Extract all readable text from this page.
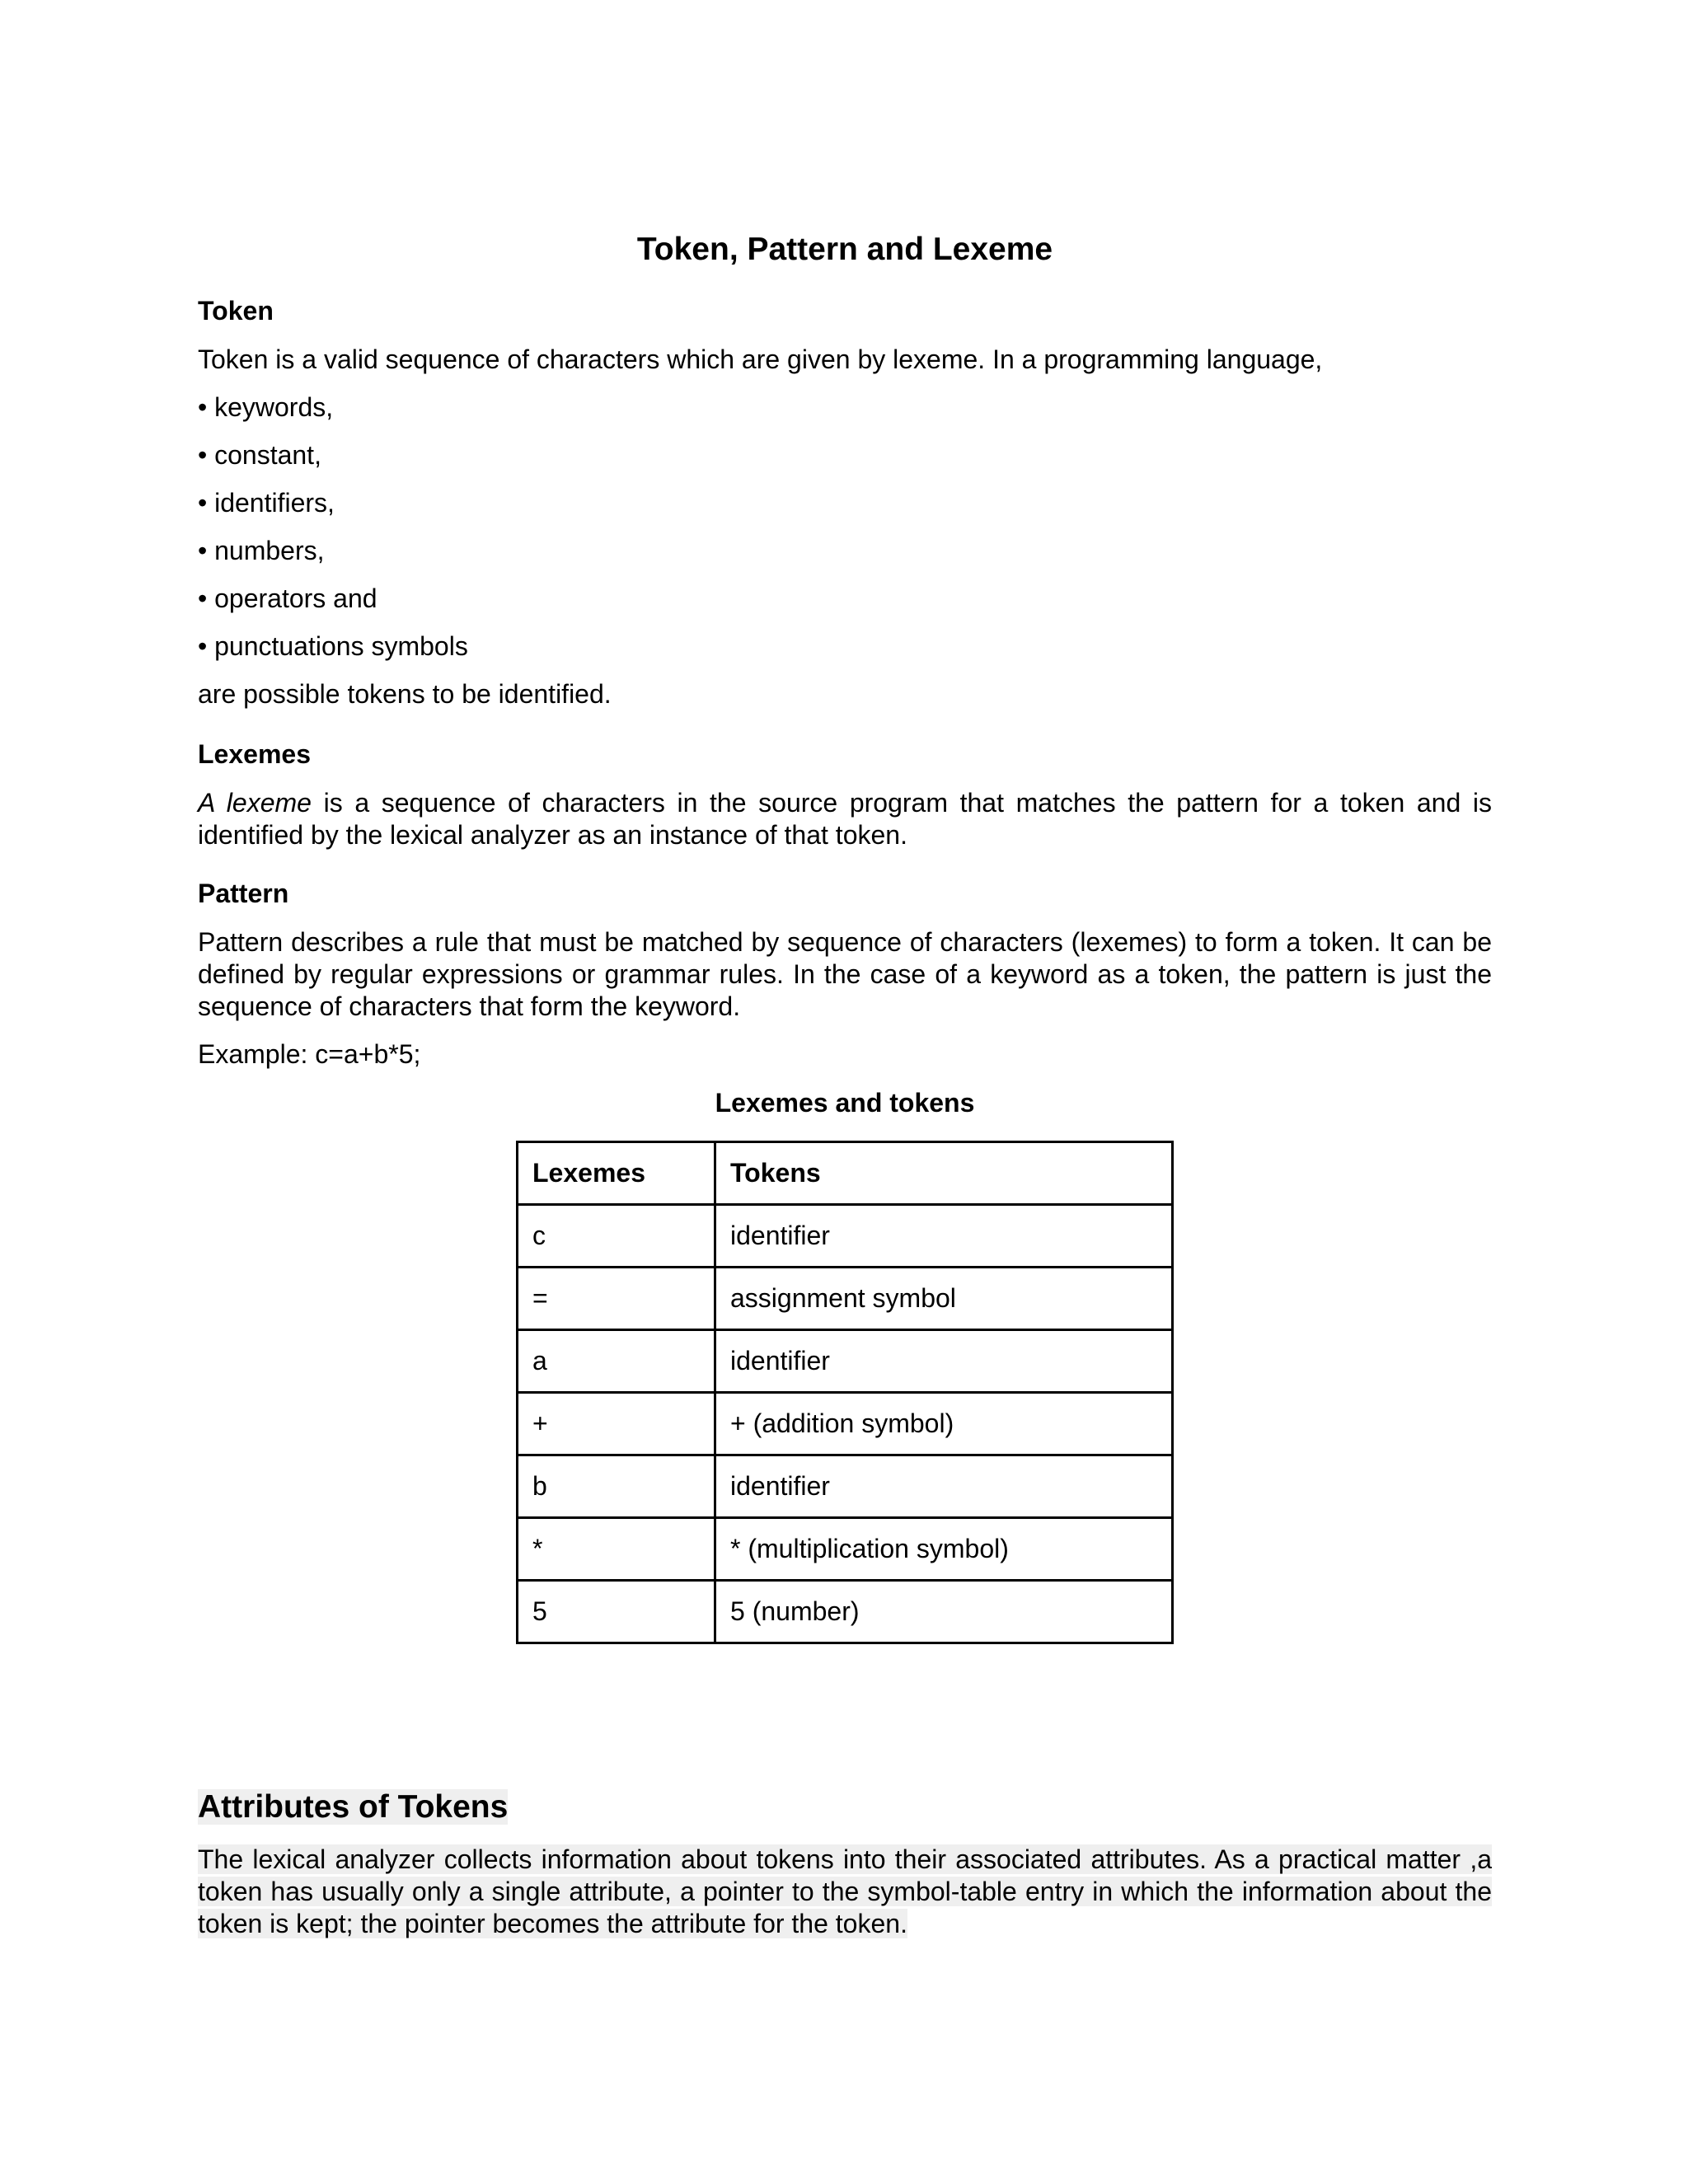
Token, Pattern and Lexeme
Token

Token is a valid sequence of characters which are given by lexeme. In a programming language,

• keywords,

• constant,

• identifiers,

• numbers,

• operators and

• punctuations symbols

are possible tokens to be identified.

Lexemes

A lexeme is a sequence of characters in the source program that matches the pattern for a token and is identified by the lexical analyzer as an instance of that token.

Pattern

Pattern describes a rule that must be matched by sequence of characters (lexemes) to form a token. It can be defined by regular expressions or grammar rules. In the case of a keyword as a token, the pattern is just the sequence of characters that form the keyword.

Example: c=a+b*5;

Lexemes and tokens

Lexemes	Tokens
c	identifier
=	assignment symbol
a	identifier
+	+ (addition symbol)
b	identifier
*	* (multiplication symbol)
5	5 (number)
Attributes of Tokens

The lexical analyzer collects information about tokens into their associated attributes. As a practical matter ,a token has usually only a single attribute, a pointer to the symbol-table entry in which the information about the token is kept; the pointer becomes the attribute for the token.
